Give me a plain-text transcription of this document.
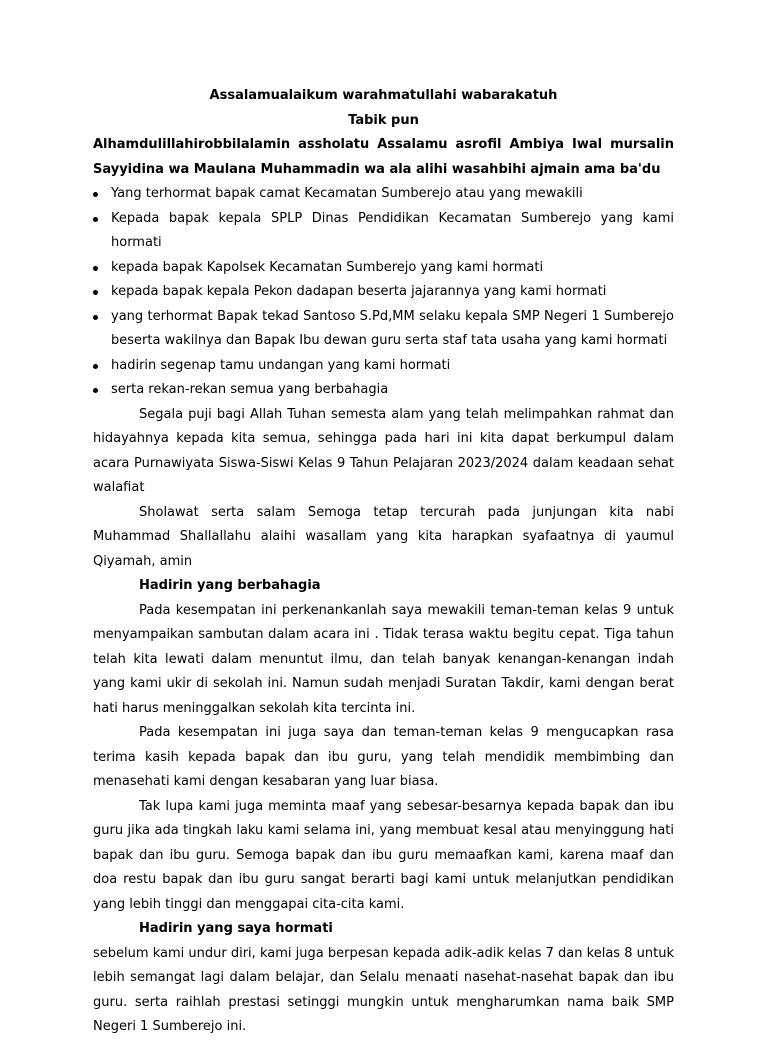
Assalamualaikum warahmatullahi wabarakatuh

Tabik pun

Alhamdulillahirobbilalamin assholatu Assalamu asrofil Ambiya Iwal mursalin Sayyidina wa Maulana Muhammadin wa ala alihi wasahbihi ajmain ama ba'du

Yang terhormat bapak camat Kecamatan Sumberejo atau yang mewakili
Kepada bapak kepala SPLP Dinas Pendidikan Kecamatan Sumberejo yang kami hormati
kepada bapak Kapolsek Kecamatan Sumberejo yang kami hormati
kepada bapak kepala Pekon dadapan beserta jajarannya yang kami hormati
yang terhormat Bapak tekad Santoso S.Pd,MM selaku kepala SMP Negeri 1 Sumberejo beserta wakilnya dan Bapak Ibu dewan guru serta staf tata usaha yang kami hormati
hadirin segenap tamu undangan yang kami hormati
serta rekan-rekan semua yang berbahagia

Segala puji bagi Allah Tuhan semesta alam yang telah melimpahkan rahmat dan hidayahnya kepada kita semua, sehingga pada hari ini kita dapat berkumpul dalam acara Purnawiyata Siswa-Siswi Kelas 9 Tahun Pelajaran 2023/2024 dalam keadaan sehat walafiat

Sholawat serta salam Semoga tetap tercurah pada junjungan kita nabi Muhammad Shallallahu alaihi wasallam yang kita harapkan syafaatnya di yaumul Qiyamah, amin

Hadirin yang berbahagia

Pada kesempatan ini perkenankanlah saya mewakili teman-teman kelas 9 untuk menyampaikan sambutan dalam acara ini . Tidak terasa waktu begitu cepat. Tiga tahun telah kita lewati dalam menuntut ilmu, dan telah banyak kenangan-kenangan indah yang kami ukir di sekolah ini. Namun sudah menjadi Suratan Takdir, kami dengan berat hati harus meninggalkan sekolah kita tercinta ini.

Pada kesempatan ini juga saya dan teman-teman kelas 9 mengucapkan rasa terima kasih kepada bapak dan ibu guru, yang telah mendidik membimbing dan menasehati kami dengan kesabaran yang luar biasa.

Tak lupa kami juga meminta maaf yang sebesar-besarnya kepada bapak dan ibu guru jika ada tingkah laku kami selama ini, yang membuat kesal atau menyinggung hati bapak dan ibu guru. Semoga bapak dan ibu guru memaafkan kami, karena maaf dan doa restu bapak dan ibu guru sangat berarti bagi kami untuk melanjutkan pendidikan yang lebih tinggi dan menggapai cita-cita kami.

Hadirin yang saya hormati

sebelum kami undur diri, kami juga berpesan kepada adik-adik kelas 7 dan kelas 8 untuk lebih semangat lagi dalam belajar, dan Selalu menaati nasehat-nasehat bapak dan ibu guru. serta raihlah prestasi setinggi mungkin untuk mengharumkan nama baik SMP Negeri 1 Sumberejo ini.
